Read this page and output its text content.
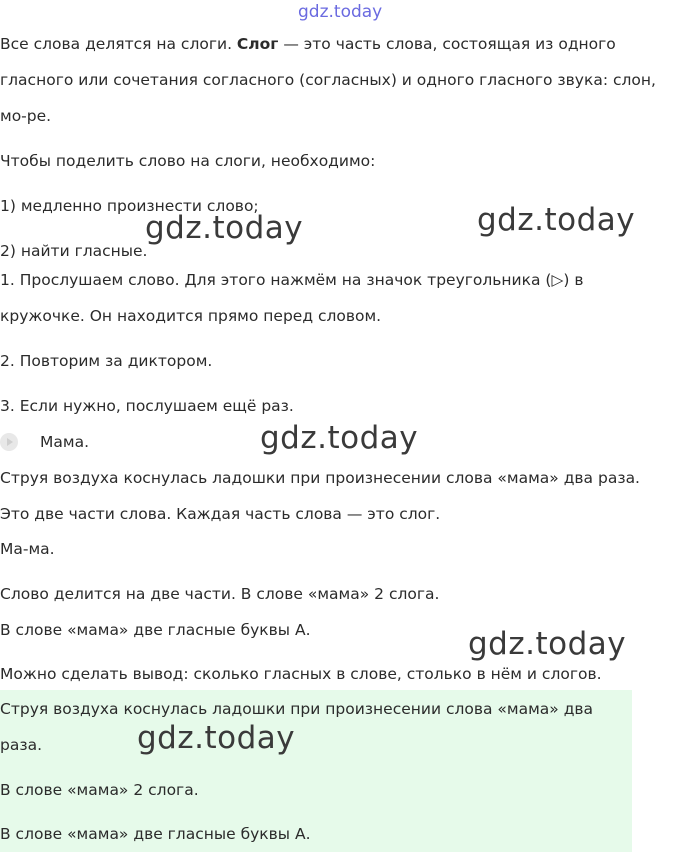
gdz.today
Все слова делятся на слоги. Слог — это часть слова, состоящая из одного
гласного или сочетания согласного (согласных) и одного гласного звука: слон,
мо-ре.
Чтобы поделить слово на слоги, необходимо:
1) медленно произнести слово;
2) найти гласные.
1. Прослушаем слово. Для этого нажмём на значок треугольника (▷) в
кружочке. Он находится прямо перед словом.
2. Повторим за диктором.
3. Если нужно, послушаем ещё раз.
Мама.
Струя воздуха коснулась ладошки при произнесении слова «мама» два раза.
Это две части слова. Каждая часть слова — это слог.
Ма-ма.
Слово делится на две части. В слове «мама» 2 слога.
В слове «мама» две гласные буквы А.
Можно сделать вывод: сколько гласных в слове, столько в нём и слогов.
Струя воздуха коснулась ладошки при произнесении слова «мама» два
раза.
В слове «мама» 2 слога.
В слове «мама» две гласные буквы А.
gdz.today	gdz.today
gdz.today
gdz.today
gdz.today
